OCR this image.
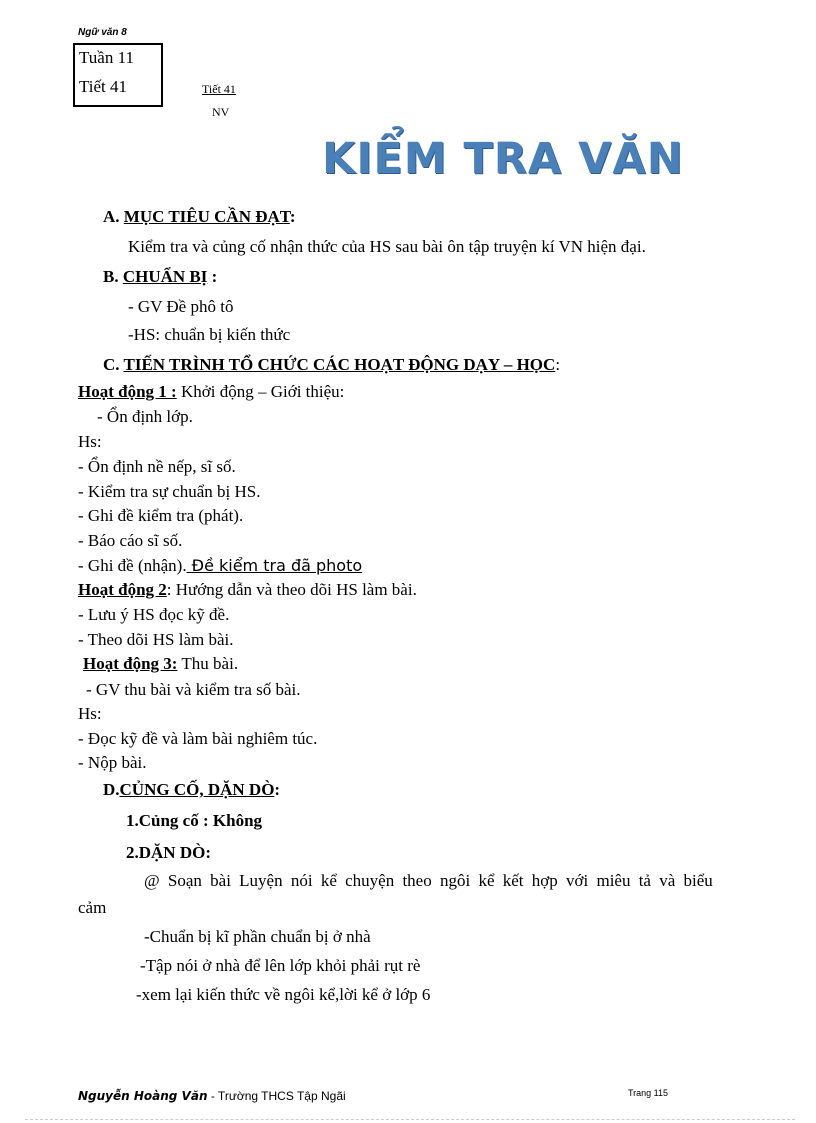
Ngữ văn 8
Tuần 11
Tiết 41	Tiết 41
NV
KIỂM TRA VĂN
A. MỤC TIÊU CẦN ĐẠT:
Kiểm tra và củng cố nhận thức của HS sau bài ôn tập truyện kí VN hiện đại.
B. CHUẨN BỊ :
- GV Đề phô tô
-HS: chuẩn bị kiến thức
C. TIẾN TRÌNH TỔ CHỨC CÁC HOẠT ĐỘNG DẠY – HỌC:
Hoạt động 1 : Khởi động – Giới thiệu:
- Ổn định lớp.
Hs:
- Ổn định nề nếp, sĩ số.
- Kiểm tra sự chuẩn bị HS.
- Ghi đề kiểm tra (phát).
- Báo cáo sĩ số.
- Ghi đề (nhận). Đề kiểm tra đã photo
Hoạt động 2: Hướng dẫn và theo dõi HS làm bài.
- Lưu ý HS đọc kỹ đề.
- Theo dõi HS làm bài.
Hoạt động 3: Thu bài.
- GV thu bài và kiểm tra số bài.
Hs:
- Đọc kỹ đề và làm bài nghiêm túc.
- Nộp bài.
D.CỦNG CỐ, DẶN DÒ:
1.Củng cố : Không
2.DẶN DÒ:
@ Soạn bài Luyện nói kể chuyện theo ngôi kể kết hợp với miêu tả và biểu
cảm
-Chuẩn bị kĩ phần chuẩn bị ở nhà
-Tập nói ở nhà để lên lớp khỏi phải rụt rè
-xem lại kiến thức về ngôi kể,lời kể ở lớp 6
Nguyễn Hoàng Văn - Trường THCS Tập Ngãi	Trang 115
